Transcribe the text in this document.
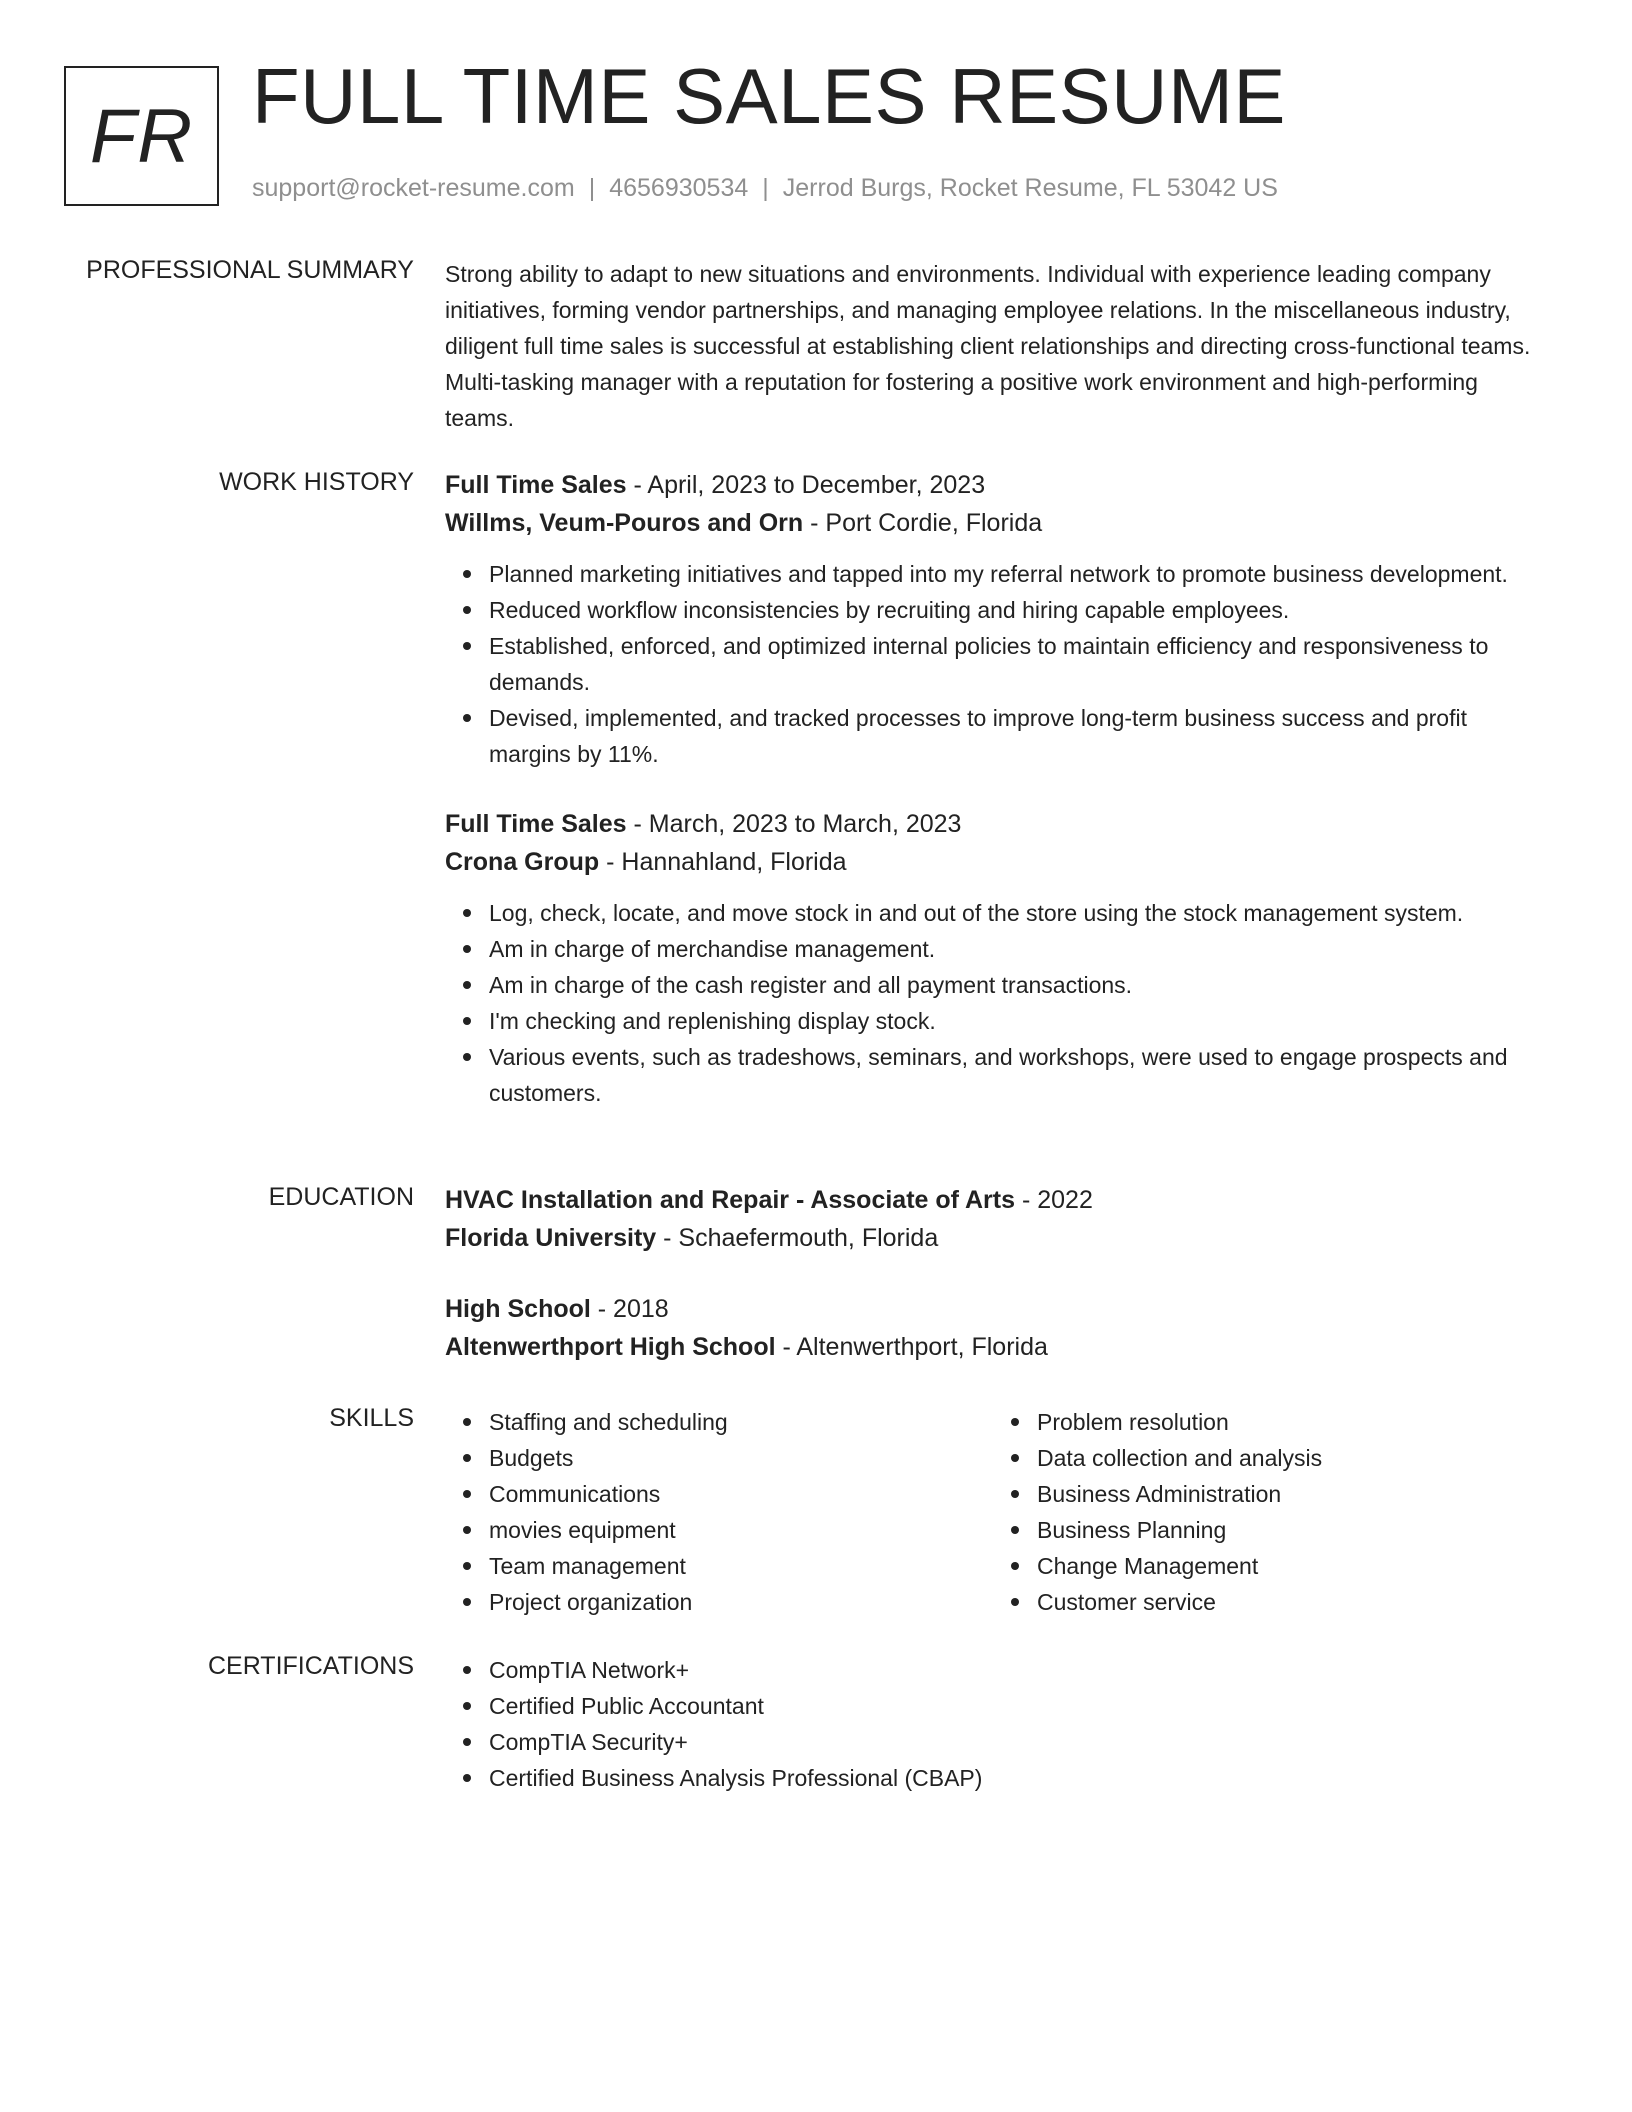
FR FULL TIME SALES RESUME
support@rocket-resume.com | 4656930534 | Jerrod Burgs, Rocket Resume, FL 53042 US
PROFESSIONAL SUMMARY Strong ability to adapt to new situations and environments. Individual with experience leading company initiatives, forming vendor partnerships, and managing employee relations. In the miscellaneous industry, diligent full time sales is successful at establishing client relationships and directing cross-functional teams. Multi-tasking manager with a reputation for fostering a positive work environment and high-performing teams.

WORK HISTORY Full Time Sales - April, 2023 to December, 2023

Willms, Veum-Pouros and Orn - Port Cordie, Florida

Planned marketing initiatives and tapped into my referral network to promote business development.
Reduced workflow inconsistencies by recruiting and hiring capable employees.
Established, enforced, and optimized internal policies to maintain efficiency and responsiveness to demands.
Devised, implemented, and tracked processes to improve long-term business success and profit margins by 11%.

Full Time Sales - March, 2023 to March, 2023

Crona Group - Hannahland, Florida

Log, check, locate, and move stock in and out of the store using the stock management system.
Am in charge of merchandise management.
Am in charge of the cash register and all payment transactions.
I'm checking and replenishing display stock.
Various events, such as tradeshows, seminars, and workshops, were used to engage prospects and customers.
EDUCATION HVAC Installation and Repair - Associate of Arts - 2022

Florida University - Schaefermouth, Florida

High School - 2018

Altenwerthport High School - Altenwerthport, Florida

SKILLS	Staffing and scheduling
Budgets
Communications
movies equipment
Team management
Project organization
Problem resolution
Data collection and analysis
Business Administration
Business Planning
Change Management
Customer service
CERTIFICATIONS	CompTIA Network+
Certified Public Accountant
CompTIA Security+
Certified Business Analysis Professional (CBAP)
